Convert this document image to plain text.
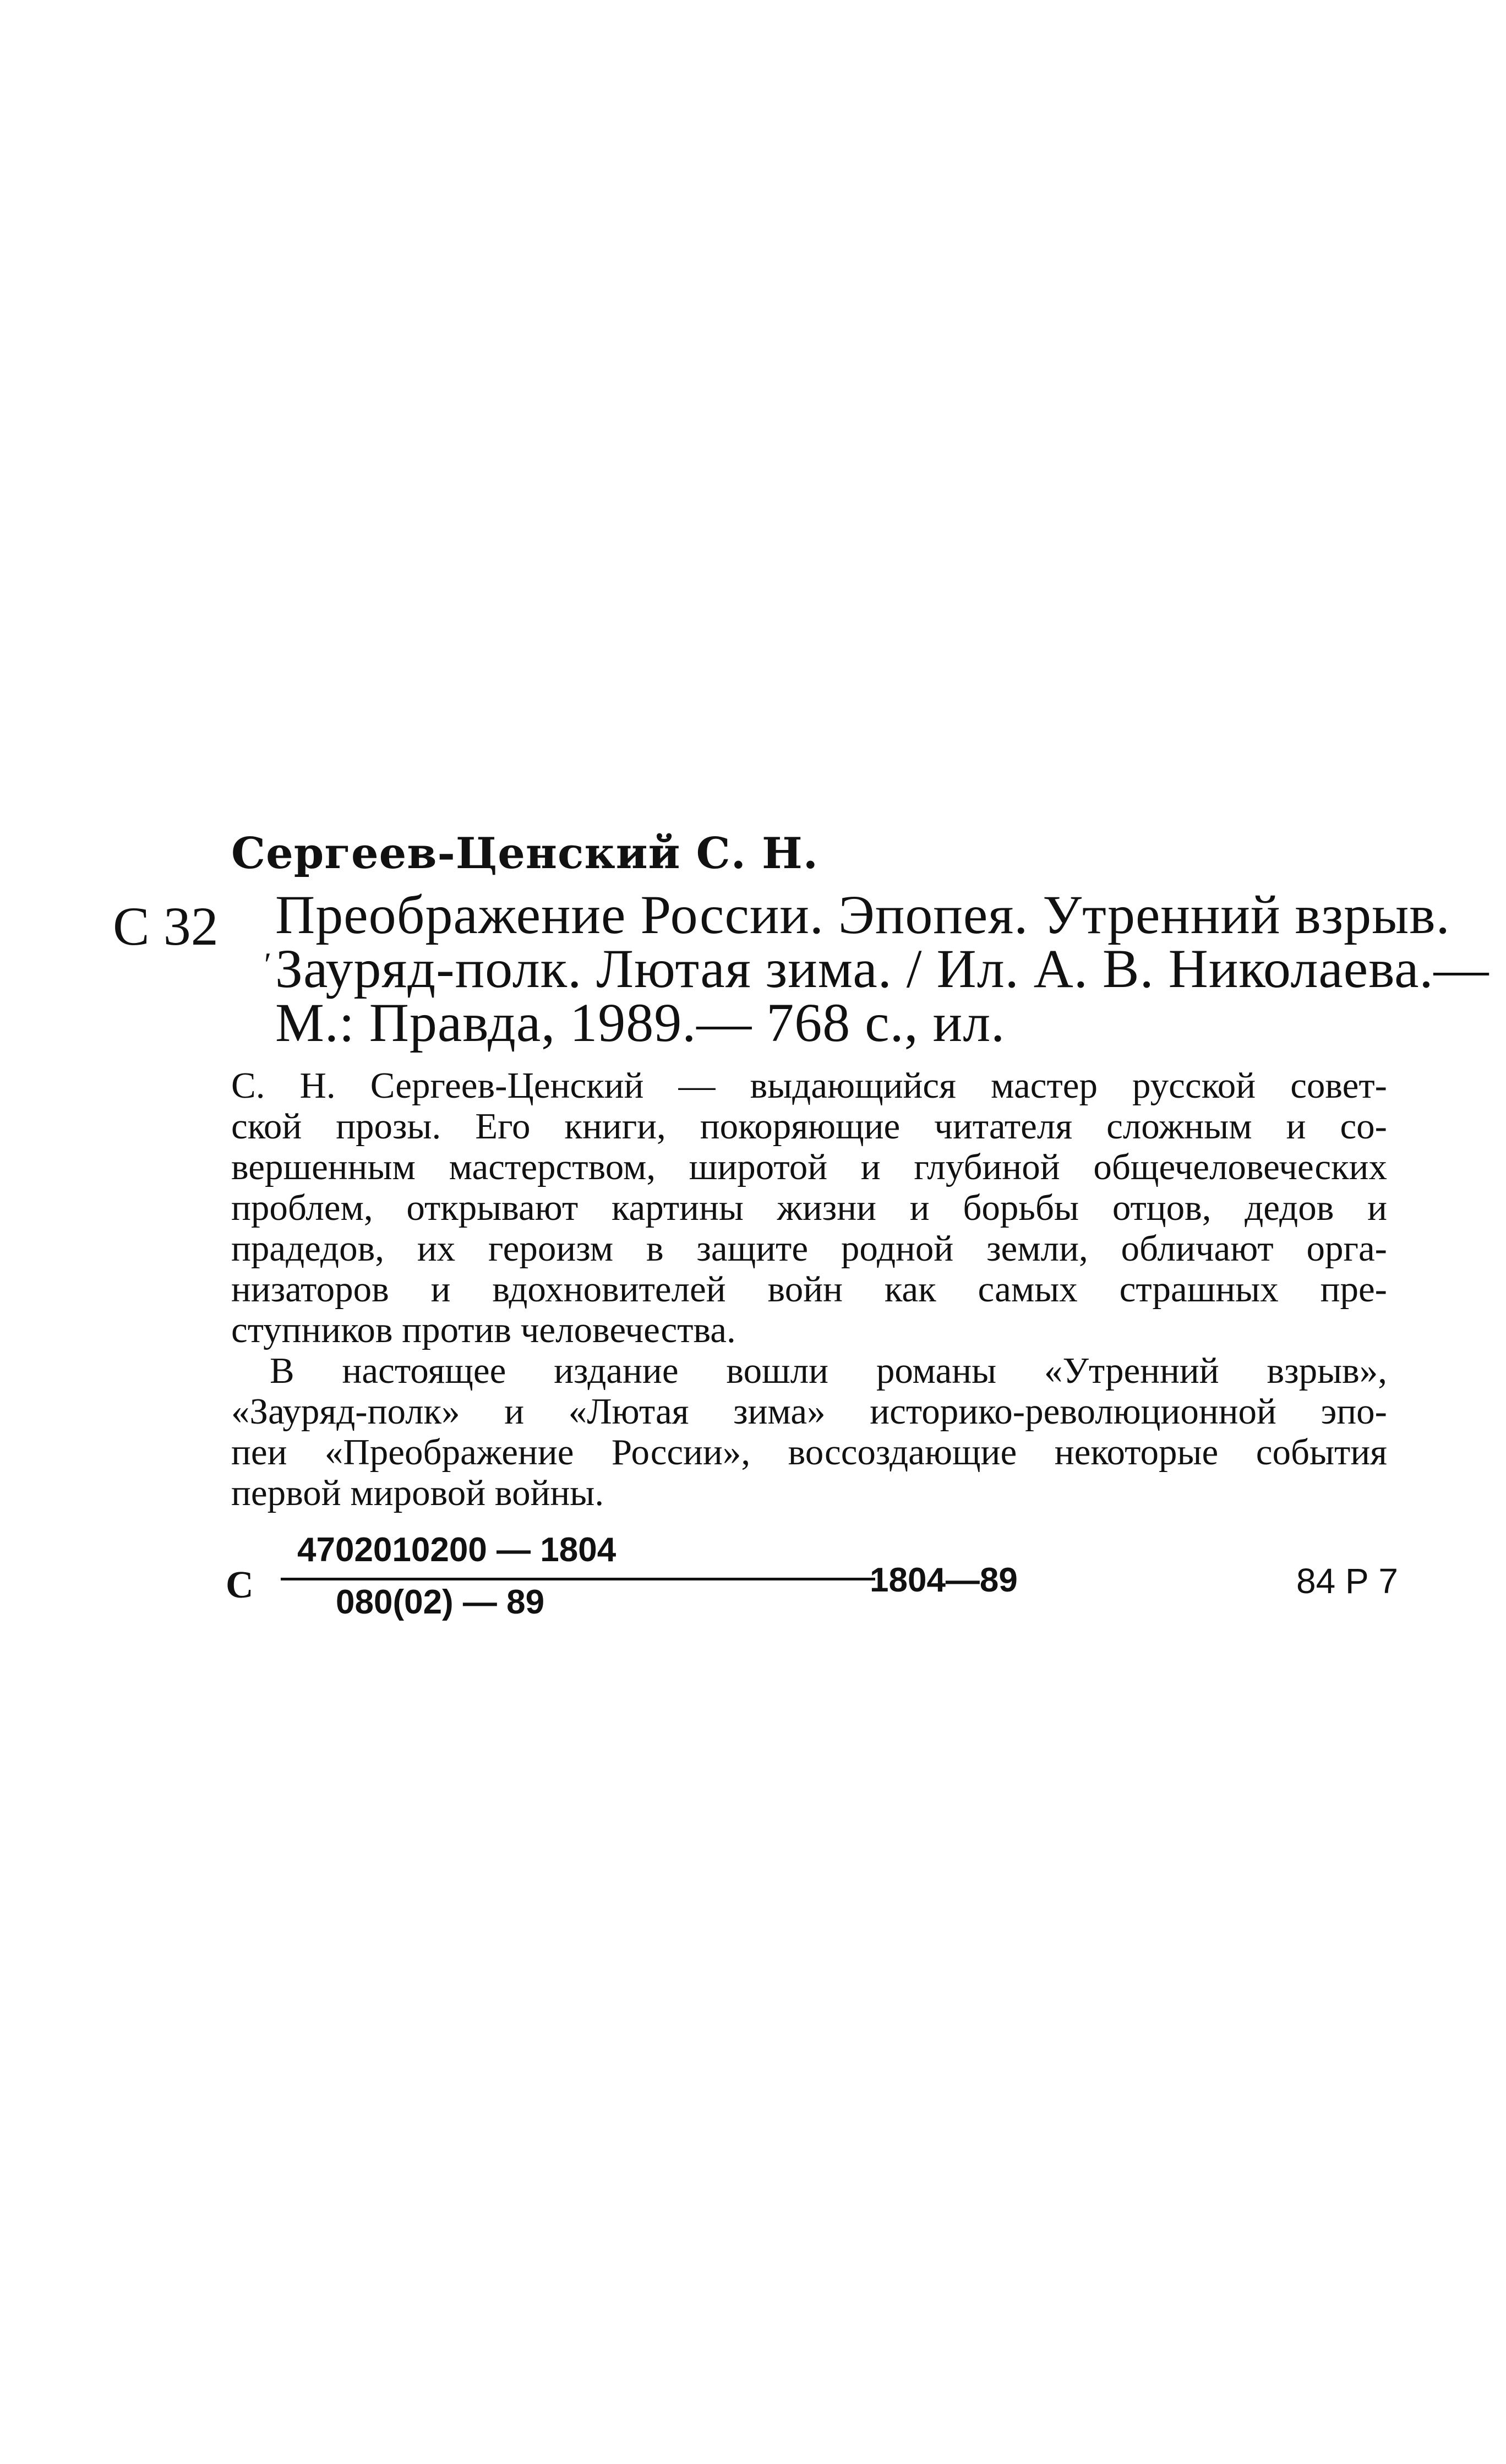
Сергеев-Ценский С. Н.
С 32
ʹ
Преображение России. Эпопея. Утренний взрыв.
Зауряд-полк. Лютая зима. / Ил. А. В. Николаева.—
М.: Правда, 1989.— 768 с., ил.

С. Н. Сергеев-Ценский — выдающийся мастер русской совет-
ской прозы. Его книги, покоряющие читателя сложным и со-
вершенным мастерством, широтой и глубиной общечеловеческих
проблем, открывают картины жизни и борьбы отцов, дедов и
прадедов, их героизм в защите родной земли, обличают орга-
низаторов и вдохновителей войн как самых страшных пре-
ступников против человечества.

В настоящее издание вошли романы «Утренний взрыв»,
«Зауряд-полк» и «Лютая зима» историко-революционной эпо-
пеи «Преображение России», воссоздающие некоторые события
первой мировой войны.

С
4702010200 — 1804
080(02) — 89
1804—89	84 Р 7
